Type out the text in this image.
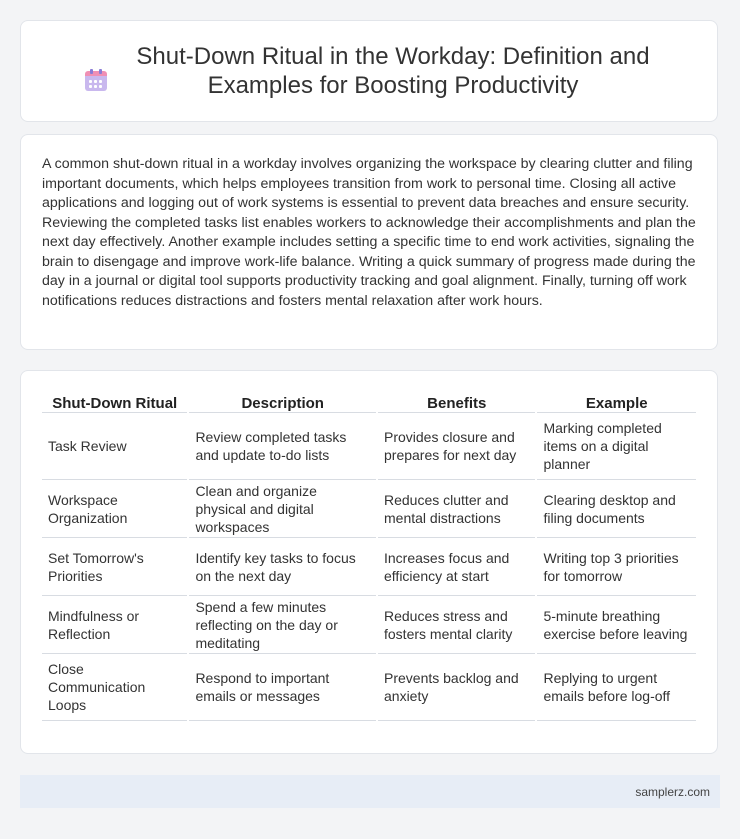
Shut-Down Ritual in the Workday: Definition and Examples for Boosting Productivity

A common shut-down ritual in a workday involves organizing the workspace by clearing clutter and filing important documents, which helps employees transition from work to personal time. Closing all active applications and logging out of work systems is essential to prevent data breaches and ensure security. Reviewing the completed tasks list enables workers to acknowledge their accomplishments and plan the next day effectively. Another example includes setting a specific time to end work activities, signaling the brain to disengage and improve work-life balance. Writing a quick summary of progress made during the day in a journal or digital tool supports productivity tracking and goal alignment. Finally, turning off work notifications reduces distractions and fosters mental relaxation after work hours.

Shut-Down Ritual	Description	Benefits	Example
Task Review	Review completed tasks and update to-do lists	Provides closure and prepares for next day	Marking completed items on a digital planner
Workspace Organization	Clean and organize physical and digital workspaces	Reduces clutter and mental distractions	Clearing desktop and filing documents
Set Tomorrow's Priorities	Identify key tasks to focus on the next day	Increases focus and efficiency at start	Writing top 3 priorities for tomorrow
Mindfulness or Reflection	Spend a few minutes reflecting on the day or meditating	Reduces stress and fosters mental clarity	5-minute breathing exercise before leaving
Close Communication Loops	Respond to important emails or messages	Prevents backlog and anxiety	Replying to urgent emails before log-off
samplerz.com
